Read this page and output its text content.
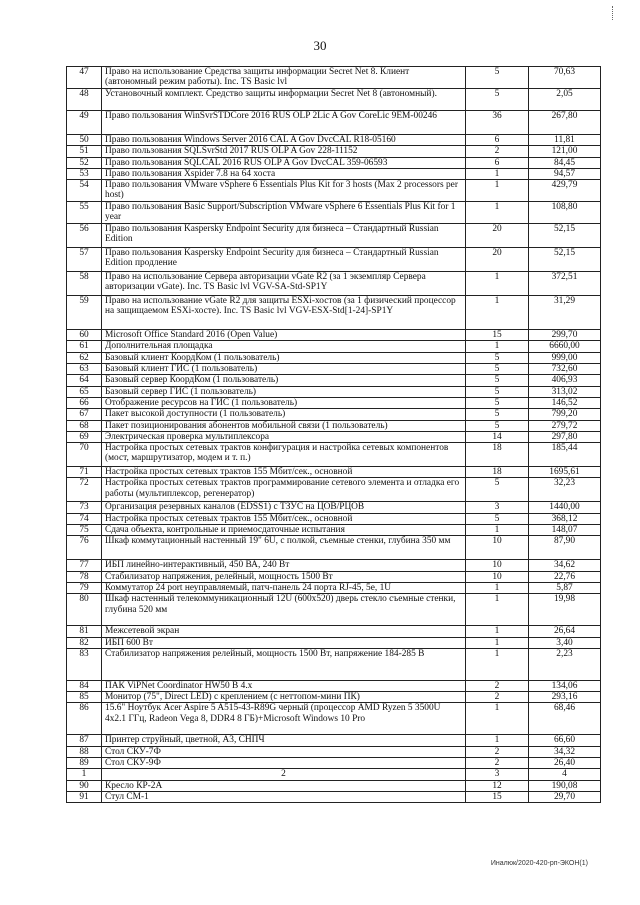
30
47	Право на использование Средства защиты информации Secret Net 8. Клиент (автономный режим работы). Inc. TS Basic lvl	5	70,63
48	Установочный комплект. Средство защиты информации Secret Net 8 (автономный).	5	2,05
49	Право пользования WinSvrSTDCore 2016 RUS OLP 2Lic A Gov CoreLic 9EM-00246	36	267,80
50	Право пользования Windows Server 2016 CAL A Gov DvcCAL R18-05160	6	11,81
51	Право пользования SQLSvrStd 2017 RUS OLP A Gov 228-11152	2	121,00
52	Право пользования SQLCAL 2016 RUS OLP A Gov DvcCAL 359-06593	6	84,45
53	Право пользования Xspider 7.8 на 64 хоста	1	94,57
54	Право пользования VMware vSphere 6 Essentials Plus Kit for 3 hosts (Max 2 processors per host)	1	429,79
55	Право пользования Basic Support/Subscription VMware vSphere 6 Essentials Plus Kit for 1 year	1	108,80
56	Право пользования Kaspersky Endpoint Security для бизнеса – Стандартный Russian Edition	20	52,15
57	Право пользования Kaspersky Endpoint Security для бизнеса – Стандартный Russian Edition продление	20	52,15
58	Право на использование Сервера авторизации vGate R2 (за 1 экземпляр Сервера авторизации vGate). Inc. TS Basic lvl VGV-SA-Std-SP1Y	1	372,51
59	Право на использование vGate R2 для защиты ESXi-хостов (за 1 физический процессор на защищаемом ESXi-хосте). Inc. TS Basic lvl VGV-ESX-Std[1-24]-SP1Y	1	31,29
60	Microsoft Office Standard 2016 (Open Value)	15	299,70
61	Дополнительная площадка	1	6660,00
62	Базовый клиент КоордКом (1 пользователь)	5	999,00
63	Базовый клиент ГИС (1 пользователь)	5	732,60
64	Базовый сервер КоордКом (1 пользователь)	5	406,93
65	Базовый сервер ГИС (1 пользователь)	5	313,02
66	Отображение ресурсов на ГИС (1 пользователь)	5	146,52
67	Пакет высокой доступности (1 пользователь)	5	799,20
68	Пакет позиционирования абонентов мобильной связи (1 пользователь)	5	279,72
69	Электрическая проверка мультиплексора	14	297,80
70	Настройка простых сетевых трактов конфигурация и настройка сетевых компонентов (мост, маршрутизатор, модем и т. п.)	18	185,44
71	Настройка простых сетевых трактов 155 Мбит/сек., основной	18	1695,61
72	Настройка простых сетевых трактов программирование сетевого элемента и отладка его работы (мультиплексор, регенератор)	5	32,23
73	Организация резервных каналов (EDSS1) с ТЗУС на ЦОВ/РЦОВ	3	1440,00
74	Настройка простых сетевых трактов 155 Мбит/сек., основной	5	368,12
75	Сдача объекта, контрольные и приемосдаточные испытания	1	148,07
76	Шкаф коммутационный настенный 19" 6U, с полкой, съемные стенки, глубина 350 мм	10	87,90
77	ИБП линейно-интерактивный, 450 ВА, 240 Вт	10	34,62
78	Стабилизатор напряжения, релейный, мощность 1500 Вт	10	22,76
79	Коммутатор 24 port неуправляемый, патч-панель 24 порта RJ-45, 5e, 1U	1	5,87
80	Шкаф настенный телекоммуникационный 12U (600х520) дверь стекло съемные стенки, глубина 520 мм	1	19,98
81	Межсетевой экран	1	26,64
82	ИБП 600 Вт	1	3,40
83	Стабилизатор напряжения релейный, мощность 1500 Вт, напряжение 184-285 В	1	2,23
84	ПАК ViPNet Coordinator HW50 В 4.х	2	134,06
85	Монитор (75", Direct LED) с креплением (с неттопом-мини ПК)	2	293,16
86	15.6" Ноутбук Acer Aspire 5 A515-43-R89G черный (процессор AMD Ryzen 5 3500U 4х2.1 ГГц, Radeon Vega 8, DDR4 8 ГБ)+Microsoft Windows 10 Pro	1	68,46
87	Принтер струйный, цветной, А3, СНПЧ	1	66,60
88	Стол СКУ-7Ф	2	34,32
89	Стол СКУ-9Ф	2	26,40
1	2	3	4
90	Кресло КР-2А	12	190,08
91	Стул СМ-1	15	29,70
Иналюк/2020-420-рп-ЭКОН(1)
